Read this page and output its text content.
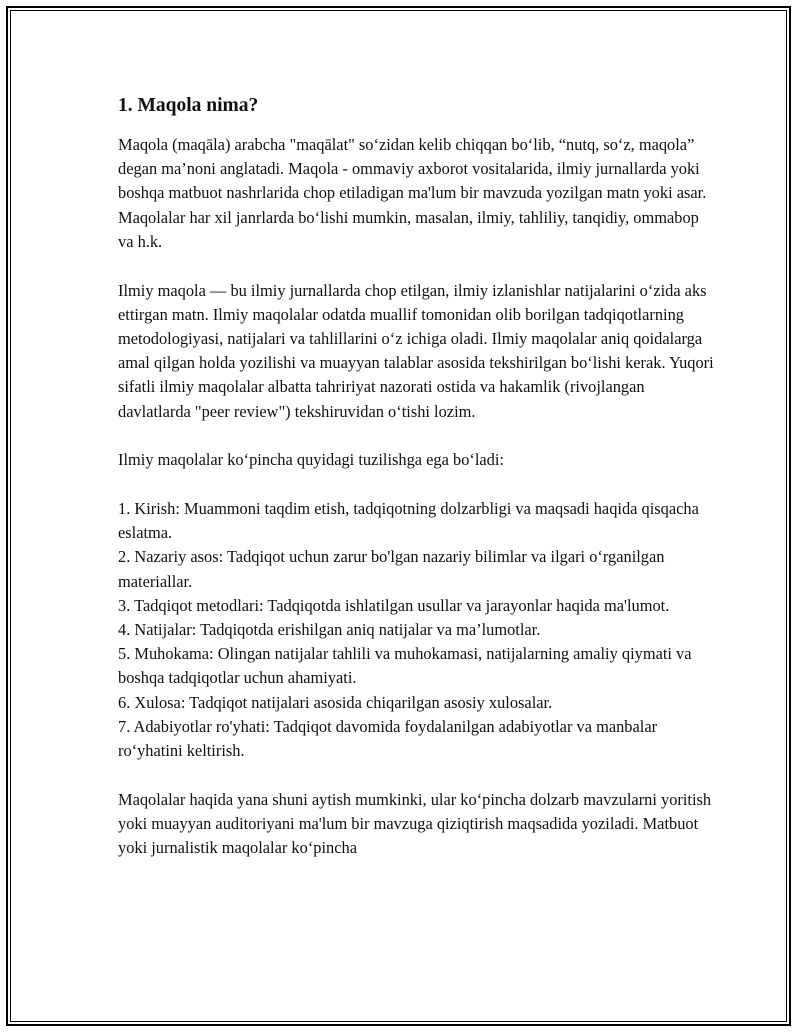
1. Maqola nima?

Maqola (maqāla) arabcha "maqālat" so‘zidan kelib chiqqan bo‘lib, “nutq, so‘z, maqola” degan ma’noni anglatadi. Maqola - ommaviy axborot vositalarida, ilmiy jurnallarda yoki boshqa matbuot nashrlarida chop etiladigan ma'lum bir mavzuda yozilgan matn yoki asar. Maqolalar har xil janrlarda bo‘lishi mumkin, masalan, ilmiy, tahliliy, tanqidiy, ommabop va h.k.

Ilmiy maqola — bu ilmiy jurnallarda chop etilgan, ilmiy izlanishlar natijalarini o‘zida aks ettirgan matn. Ilmiy maqolalar odatda muallif tomonidan olib borilgan tadqiqotlarning metodologiyasi, natijalari va tahlillarini o‘z ichiga oladi. Ilmiy maqolalar aniq qoidalarga amal qilgan holda yozilishi va muayyan talablar asosida tekshirilgan bo‘lishi kerak. Yuqori sifatli ilmiy maqolalar albatta tahririyat nazorati ostida va hakamlik (rivojlangan davlatlarda "peer review") tekshiruvidan o‘tishi lozim.

Ilmiy maqolalar ko‘pincha quyidagi tuzilishga ega bo‘ladi:

1. Kirish: Muammoni taqdim etish, tadqiqotning dolzarbligi va maqsadi haqida qisqacha eslatma.
2. Nazariy asos: Tadqiqot uchun zarur bo'lgan nazariy bilimlar va ilgari o‘rganilgan materiallar.
3. Tadqiqot metodlari: Tadqiqotda ishlatilgan usullar va jarayonlar haqida ma'lumot.
4. Natijalar: Tadqiqotda erishilgan aniq natijalar va ma’lumotlar.
5. Muhokama: Olingan natijalar tahlili va muhokamasi, natijalarning amaliy qiymati va boshqa tadqiqotlar uchun ahamiyati.
6. Xulosa: Tadqiqot natijalari asosida chiqarilgan asosiy xulosalar.
7. Adabiyotlar ro'yhati: Tadqiqot davomida foydalanilgan adabiyotlar va manbalar ro‘yhatini keltirish.

Maqolalar haqida yana shuni aytish mumkinki, ular ko‘pincha dolzarb mavzularni yoritish yoki muayyan auditoriyani ma'lum bir mavzuga qiziqtirish maqsadida yoziladi. Matbuot yoki jurnalistik maqolalar ko‘pincha
